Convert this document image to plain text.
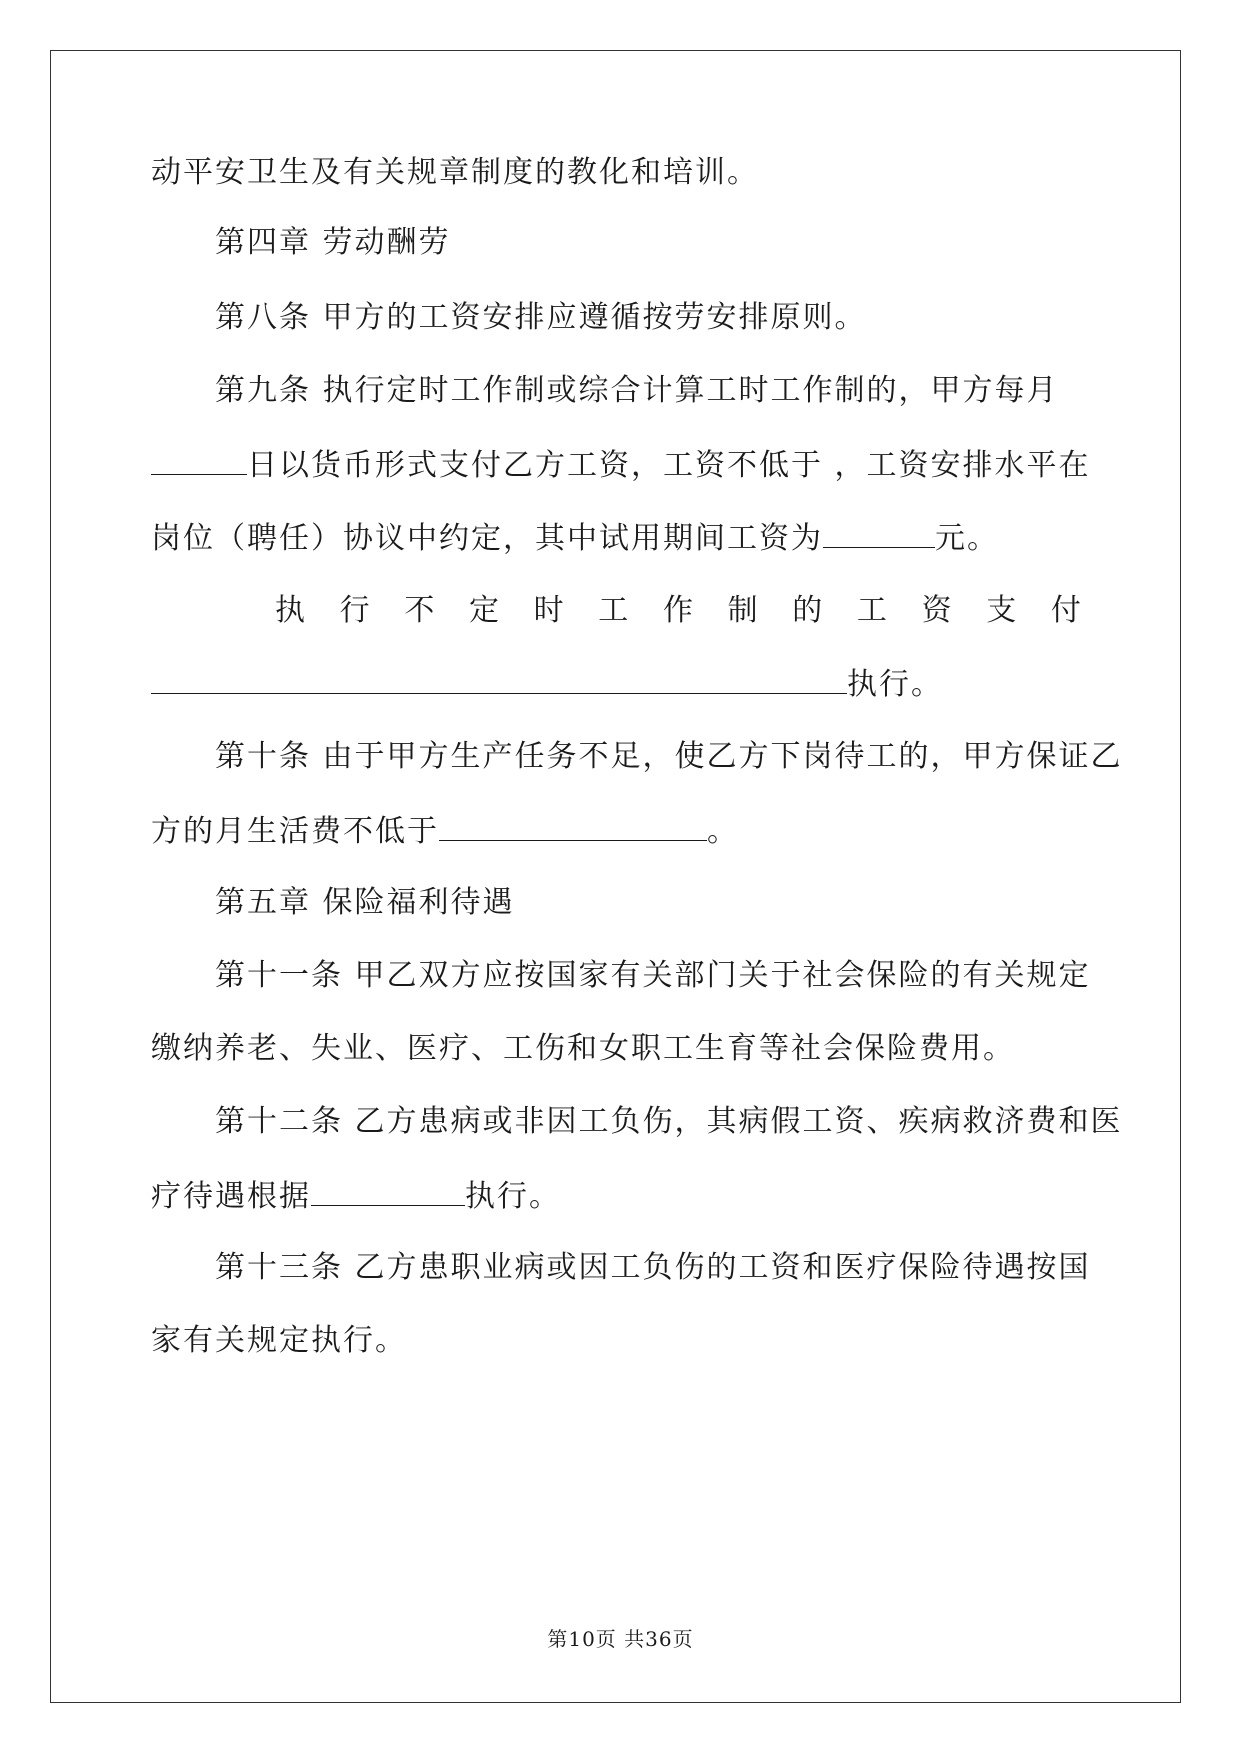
动平安卫生及有关规章制度的教化和培训。
第四章 劳动酬劳
第八条 甲方的工资安排应遵循按劳安排原则。
第九条 执行定时工作制或综合计算工时工作制的，甲方每月
日以货币形式支付乙方工资，工资不低于 ，工资安排水平在
岗位（聘任）协议中约定，其中试用期间工资为	元。
执 行 不 定 时 工 作 制 的 工 资 支 付
执行。
第十条 由于甲方生产任务不足，使乙方下岗待工的，甲方保证乙
方的月生活费不低于	。
第五章 保险福利待遇
第十一条 甲乙双方应按国家有关部门关于社会保险的有关规定
缴纳养老、失业、医疗、工伤和女职工生育等社会保险费用。
第十二条 乙方患病或非因工负伤，其病假工资、疾病救济费和医
疗待遇根据	执行。
第十三条 乙方患职业病或因工负伤的工资和医疗保险待遇按国
家有关规定执行。
第10页 共36页
